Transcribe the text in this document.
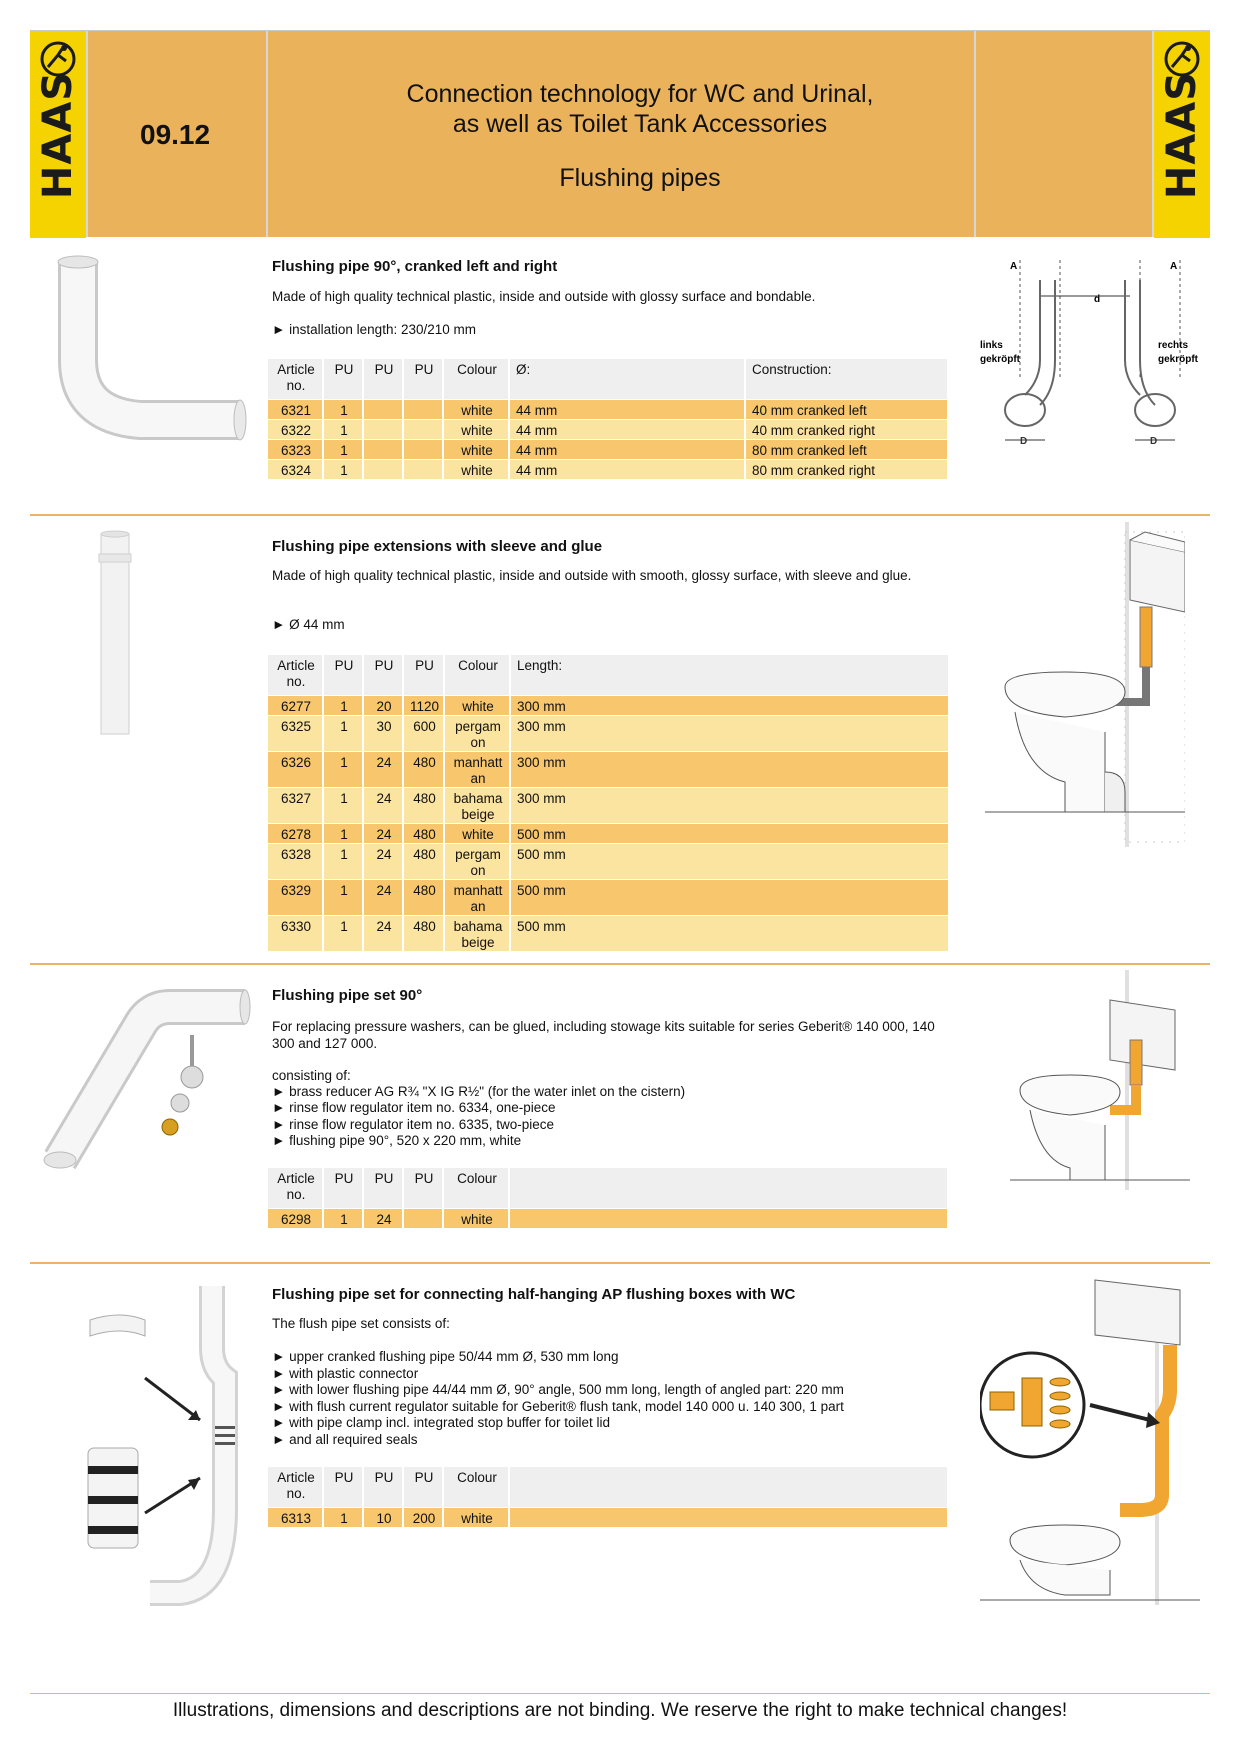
HAAS 09.12
Connection technology for WC and Urinal,
as well as Toilet Tank Accessories
Flushing pipes	HAAS
Flushing pipe 90°, cranked left and right
Made of high quality technical plastic, inside and outside with glossy surface and bondable.
► installation length: 230/210 mm
Article no.	PU	PU	PU	Colour	Ø:	Construction:
6321	1			white	44 mm	40 mm cranked left
6322	1			white	44 mm	40 mm cranked right
6323	1			white	44 mm	80 mm cranked left
6324	1			white	44 mm	80 mm cranked right
A	A
d
links
gekröpft
rechts
gekröpft
D	D
Flushing pipe extensions with sleeve and glue
Made of high quality technical plastic, inside and outside with smooth, glossy surface, with sleeve and glue.
► Ø 44 mm
Article no.	PU	PU	PU	Colour	Length:
6277	1	20	1120	white	300 mm
6325	1	30	600	pergam on	300 mm
6326	1	24	480	manhatt an	300 mm
6327	1	24	480	bahama beige	300 mm
6278	1	24	480	white	500 mm
6328	1	24	480	pergam on	500 mm
6329	1	24	480	manhatt an	500 mm
6330	1	24	480	bahama beige	500 mm
Flushing pipe set 90°
For replacing pressure washers, can be glued, including stowage kits suitable for series Geberit® 140 000, 140 300 and 127 000.
consisting of:
► brass reducer AG R¾ "X IG R½" (for the water inlet on the cistern)
► rinse flow regulator item no. 6334, one-piece
► rinse flow regulator item no. 6335, two-piece
► flushing pipe 90°, 520 x 220 mm, white
Article no.	PU	PU	PU	Colour	
6298	1	24		white	
Flushing pipe set for connecting half-hanging AP flushing boxes with WC
The flush pipe set consists of:
► upper cranked flushing pipe 50/44 mm Ø, 530 mm long
► with plastic connector
► with lower flushing pipe 44/44 mm Ø, 90° angle, 500 mm long, length of angled part: 220 mm
► with flush current regulator suitable for Geberit® flush tank, model 140 000 u. 140 300, 1 part
► with pipe clamp incl. integrated stop buffer for toilet lid
► and all required seals
Article no.	PU	PU	PU	Colour	
6313	1	10	200	white	
Illustrations, dimensions and descriptions are not binding. We reserve the right to make technical changes!
